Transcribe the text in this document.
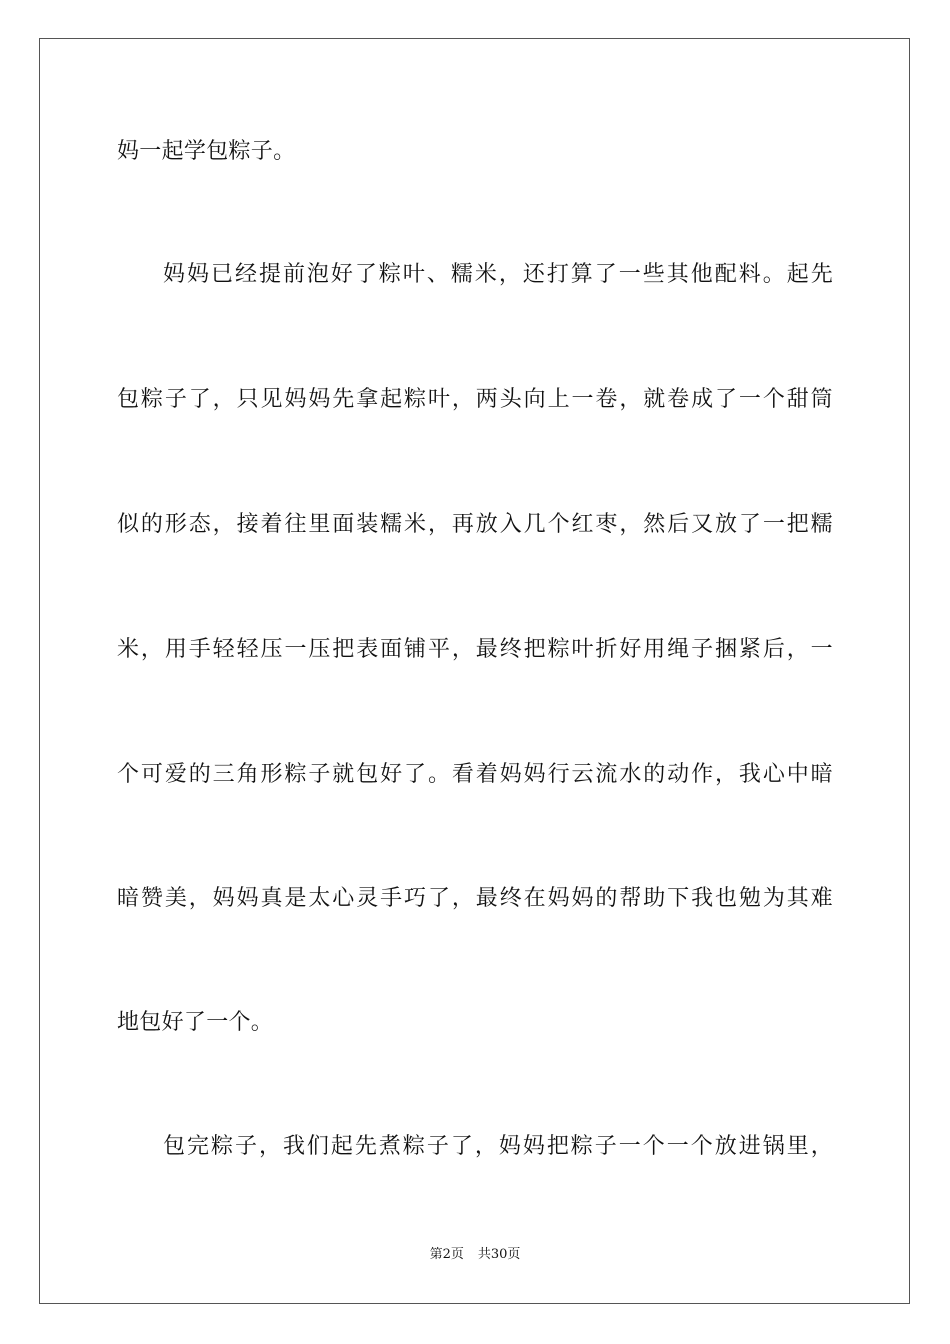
妈一起学包粽子。
妈妈已经提前泡好了粽叶、糯米，还打算了一些其他配料。起先
包粽子了，只见妈妈先拿起粽叶，两头向上一卷，就卷成了一个甜筒
似的形态，接着往里面装糯米，再放入几个红枣，然后又放了一把糯
米，用手轻轻压一压把表面铺平，最终把粽叶折好用绳子捆紧后，一
个可爱的三角形粽子就包好了。看着妈妈行云流水的动作，我心中暗
暗赞美，妈妈真是太心灵手巧了，最终在妈妈的帮助下我也勉为其难
地包好了一个。
包完粽子，我们起先煮粽子了，妈妈把粽子一个一个放进锅里，
第2页 共30页
